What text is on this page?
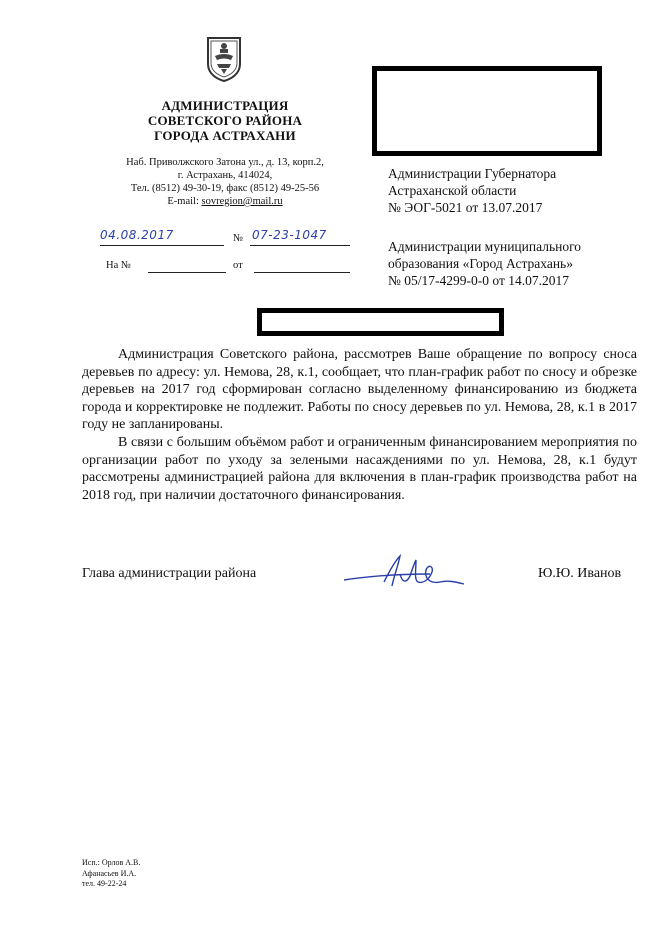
АДМИНИСТРАЦИЯ
СОВЕТСКОГО РАЙОНА
ГОРОДА АСТРАХАНИ
Наб. Приволжского Затона ул., д. 13, корп.2,
г. Астрахань, 414024,
Тел. (8512) 49-30-19, факс (8512) 49-25-56
E-mail: sovregion@mail.ru
04.08.2017	№ 07-23-1047
На №	от
Администрации Губернатора
Астраханской области
№ ЭОГ-5021 от 13.07.2017
Администрации муниципального
образования «Город Астрахань»
№ 05/17-4299-0-0 от 14.07.2017

Администрация Советского района, рассмотрев Ваше обращение по вопросу сноса деревьев по адресу: ул. Немова, 28, к.1, сообщает, что план-график работ по сносу и обрезке деревьев на 2017 год сформирован согласно выделенному финансированию из бюджета города и корректировке не подлежит. Работы по сносу деревьев по ул. Немова, 28, к.1 в 2017 году не запланированы.

В связи с большим объёмом работ и ограниченным финансированием мероприятия по организации работ по уходу за зелеными насаждениями по ул. Немова, 28, к.1 будут рассмотрены администрацией района для включения в план-график производства работ на 2018 год, при наличии достаточного финансирования.

Глава администрации района	Ю.Ю. Иванов
Исп.: Орлов А.В.
Афанасьев И.А.
тел. 49-22-24
